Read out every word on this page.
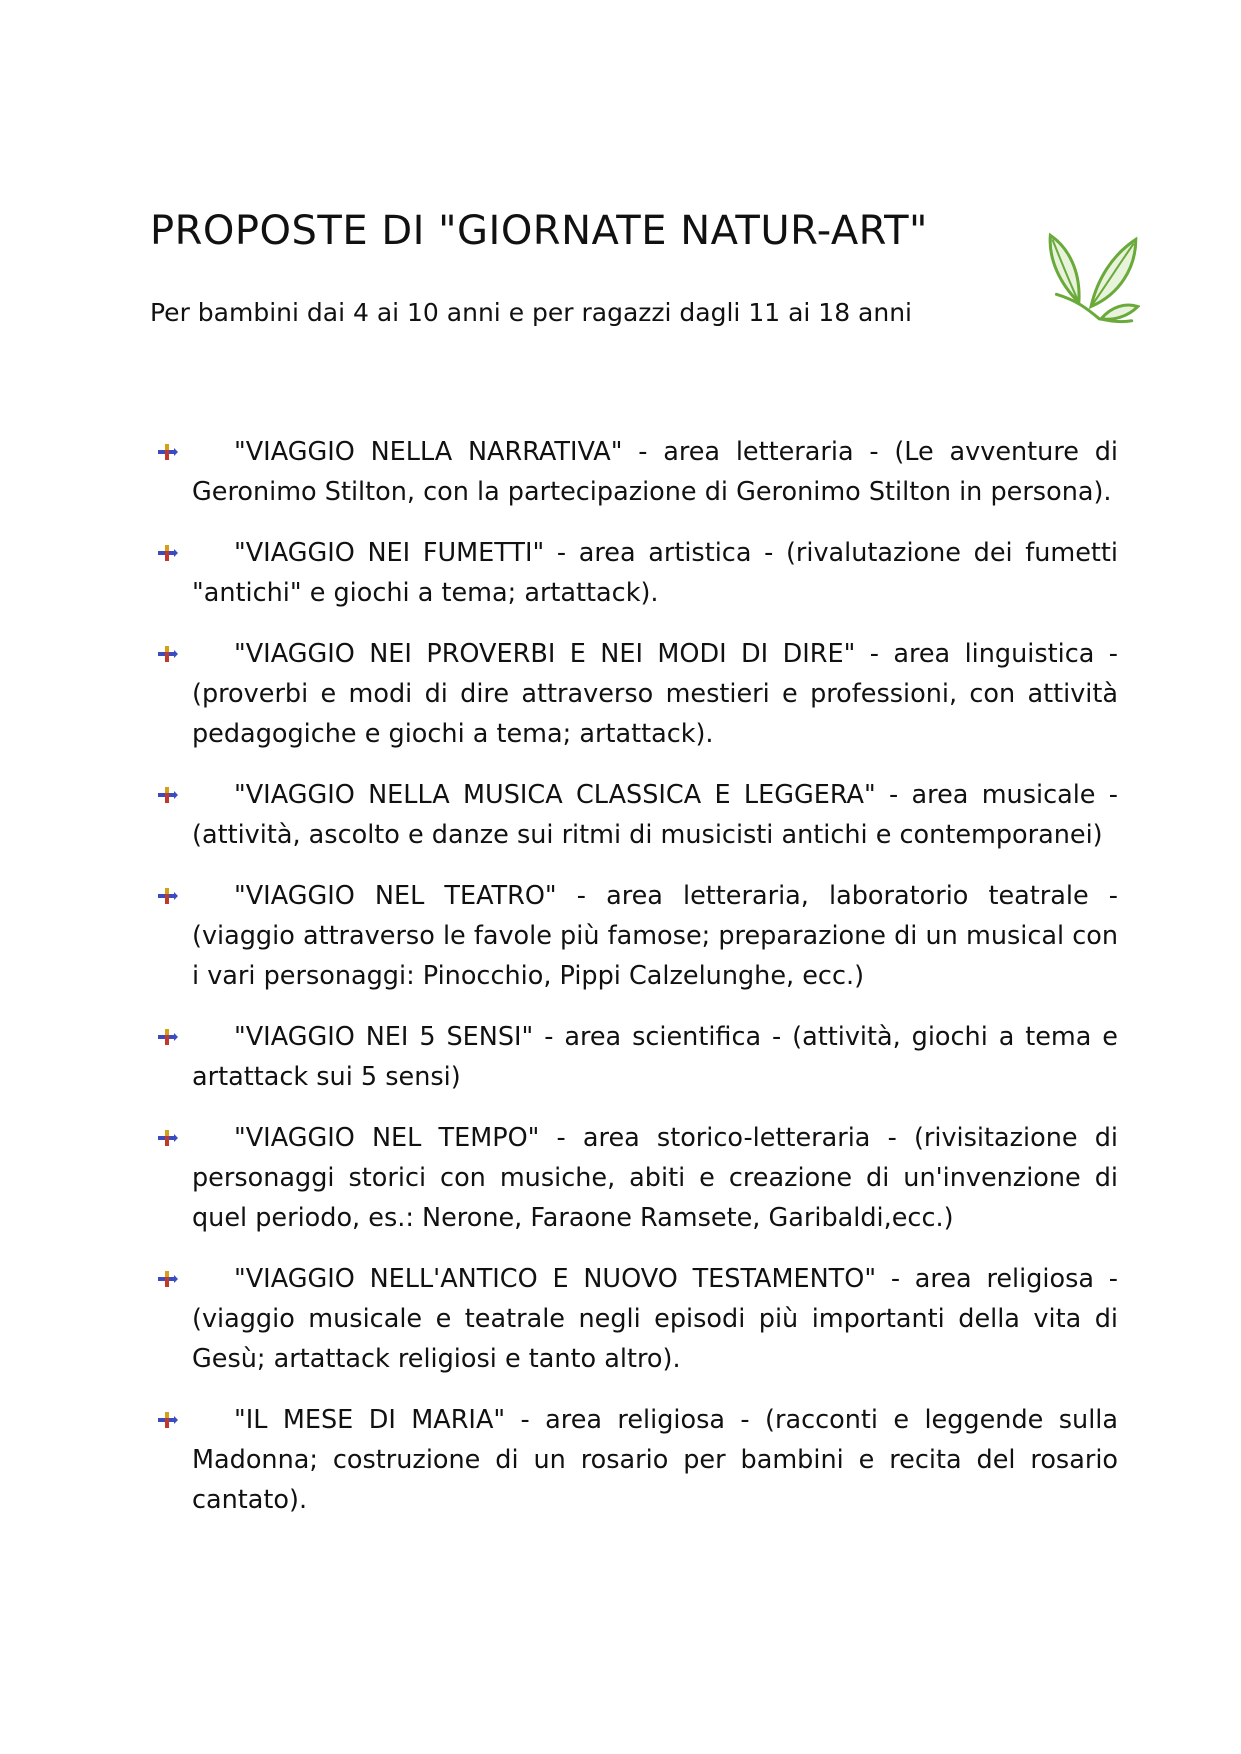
PROPOSTE DI "GIORNATE NATUR-ART"
Per bambini dai 4 ai 10 anni e per ragazzi dagli 11 ai 18 anni
"VIAGGIO NELLA NARRATIVA" - area letteraria - (Le avventure di Geronimo Stilton, con la partecipazione di Geronimo Stilton in persona).
"VIAGGIO NEI FUMETTI" - area artistica - (rivalutazione dei fumetti "antichi" e giochi a tema; artattack).
"VIAGGIO NEI PROVERBI E NEI MODI DI DIRE" - area linguistica - (proverbi e modi di dire attraverso mestieri e professioni, con attività pedagogiche e giochi a tema; artattack).
"VIAGGIO NELLA MUSICA CLASSICA E LEGGERA" - area musicale - (attività, ascolto e danze sui ritmi di musicisti antichi e contemporanei)
"VIAGGIO NEL TEATRO" - area letteraria, laboratorio teatrale - (viaggio attraverso le favole più famose; preparazione di un musical con i vari personaggi: Pinocchio, Pippi Calzelunghe, ecc.)
"VIAGGIO NEI 5 SENSI" - area scientifica - (attività, giochi a tema e artattack sui 5 sensi)
"VIAGGIO NEL TEMPO" - area storico-letteraria - (rivisitazione di personaggi storici con musiche, abiti e creazione di un'invenzione di quel periodo, es.: Nerone, Faraone Ramsete, Garibaldi,ecc.)
"VIAGGIO NELL'ANTICO E NUOVO TESTAMENTO" - area religiosa - (viaggio musicale e teatrale negli episodi più importanti della vita di Gesù; artattack religiosi e tanto altro).
"IL MESE DI MARIA" - area religiosa - (racconti e leggende sulla Madonna; costruzione di un rosario per bambini e recita del rosario cantato).
